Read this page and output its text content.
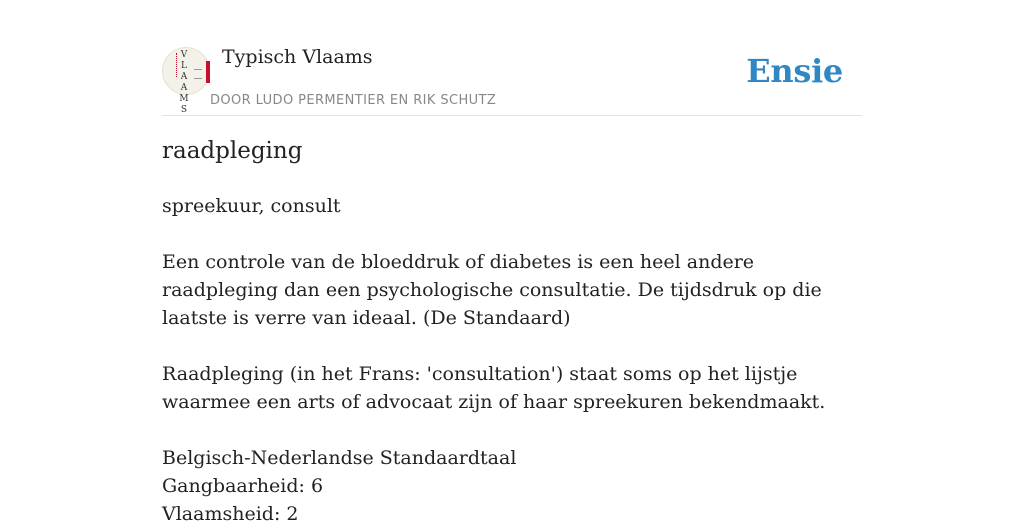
V
L
A
A
M
S
Typisch Vlaams
DOOR LUDO PERMENTIER EN RIK SCHUTZ
Ensie
raadpleging

spreekuur, consult

Een controle van de bloeddruk of diabetes is een heel andere raadpleging dan een psychologische consultatie. De tijdsdruk op die laatste is verre van ideaal. (De Standaard)

Raadpleging (in het Frans: 'consultation') staat soms op het lijstje waarmee een arts of advocaat zijn of haar spreekuren bekendmaakt.

Belgisch-Nederlandse Standaardtaal
Gangbaarheid: 6
Vlaamsheid: 2
